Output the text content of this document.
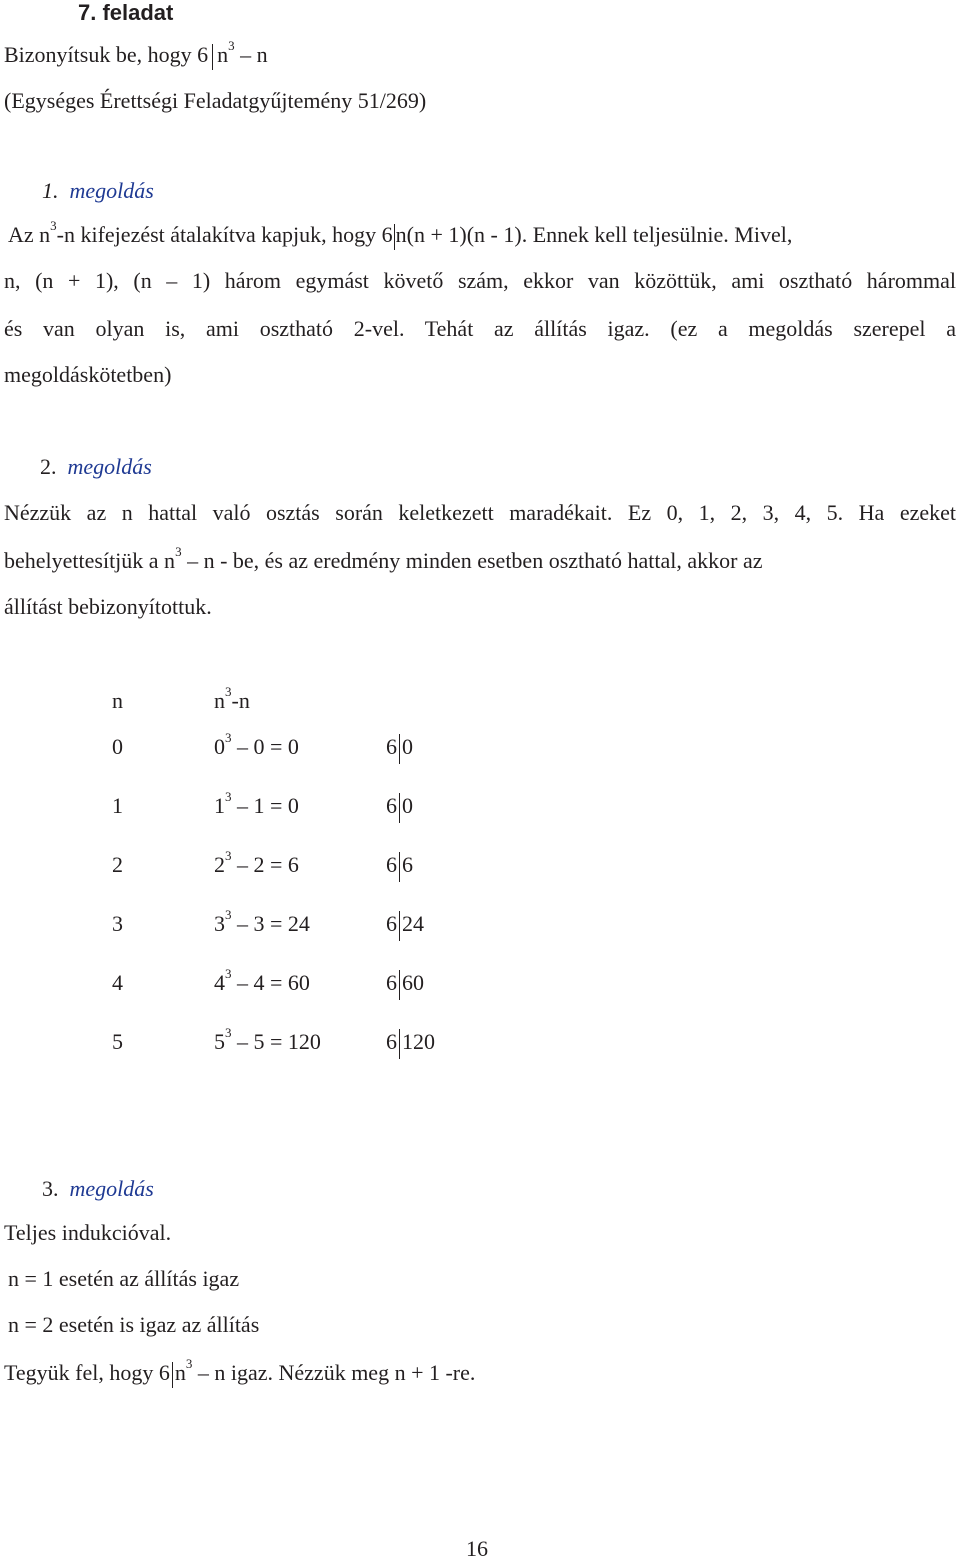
7. feladat
Bizonyítsuk be, hogy 6 $n^3$ – n
(Egységes Érettségi Feladatgyűjtemény 51/269)
1. megoldás
Az $n^3-n$ kifejezést átalakítva kapjuk, hogy 6 n(n + 1)(n - 1). Ennek kell teljesülnie. Mivel,
n, (n + 1), (n – 1) három egymást követő szám, ekkor van közöttük, ami osztható hárommal
és van olyan is, ami osztható 2-vel. Tehát az állítás igaz. (ez a megoldás szerepel a
megoldáskötetben)
2. megoldás
Nézzük az n hattal való osztás során keletkezett maradékait. Ez 0, 1, 2, 3, 4, 5. Ha ezeket
behelyettesítjük a $n^3$ – n - be, és az eredmény minden esetben osztható hattal, akkor az
állítást bebizonyítottuk.
n	$n^3-n$
0	$0^3 - 0 = 0$	6 0
1	$1^3 - 1 = 0$	6 0
2	$2^3 - 2 = 6$	6 6
3	$3^3 - 3 = 24$	6 24
4	$4^3 - 4 = 60$	6 60
5	$5^3 - 5 = 120$	6 120
3. megoldás
Teljes indukcióval.
n = 1 esetén az állítás igaz
n = 2 esetén is igaz az állítás
Tegyük fel, hogy 6 $n^3$ – n igaz. Nézzük meg n + 1 -re.
16
